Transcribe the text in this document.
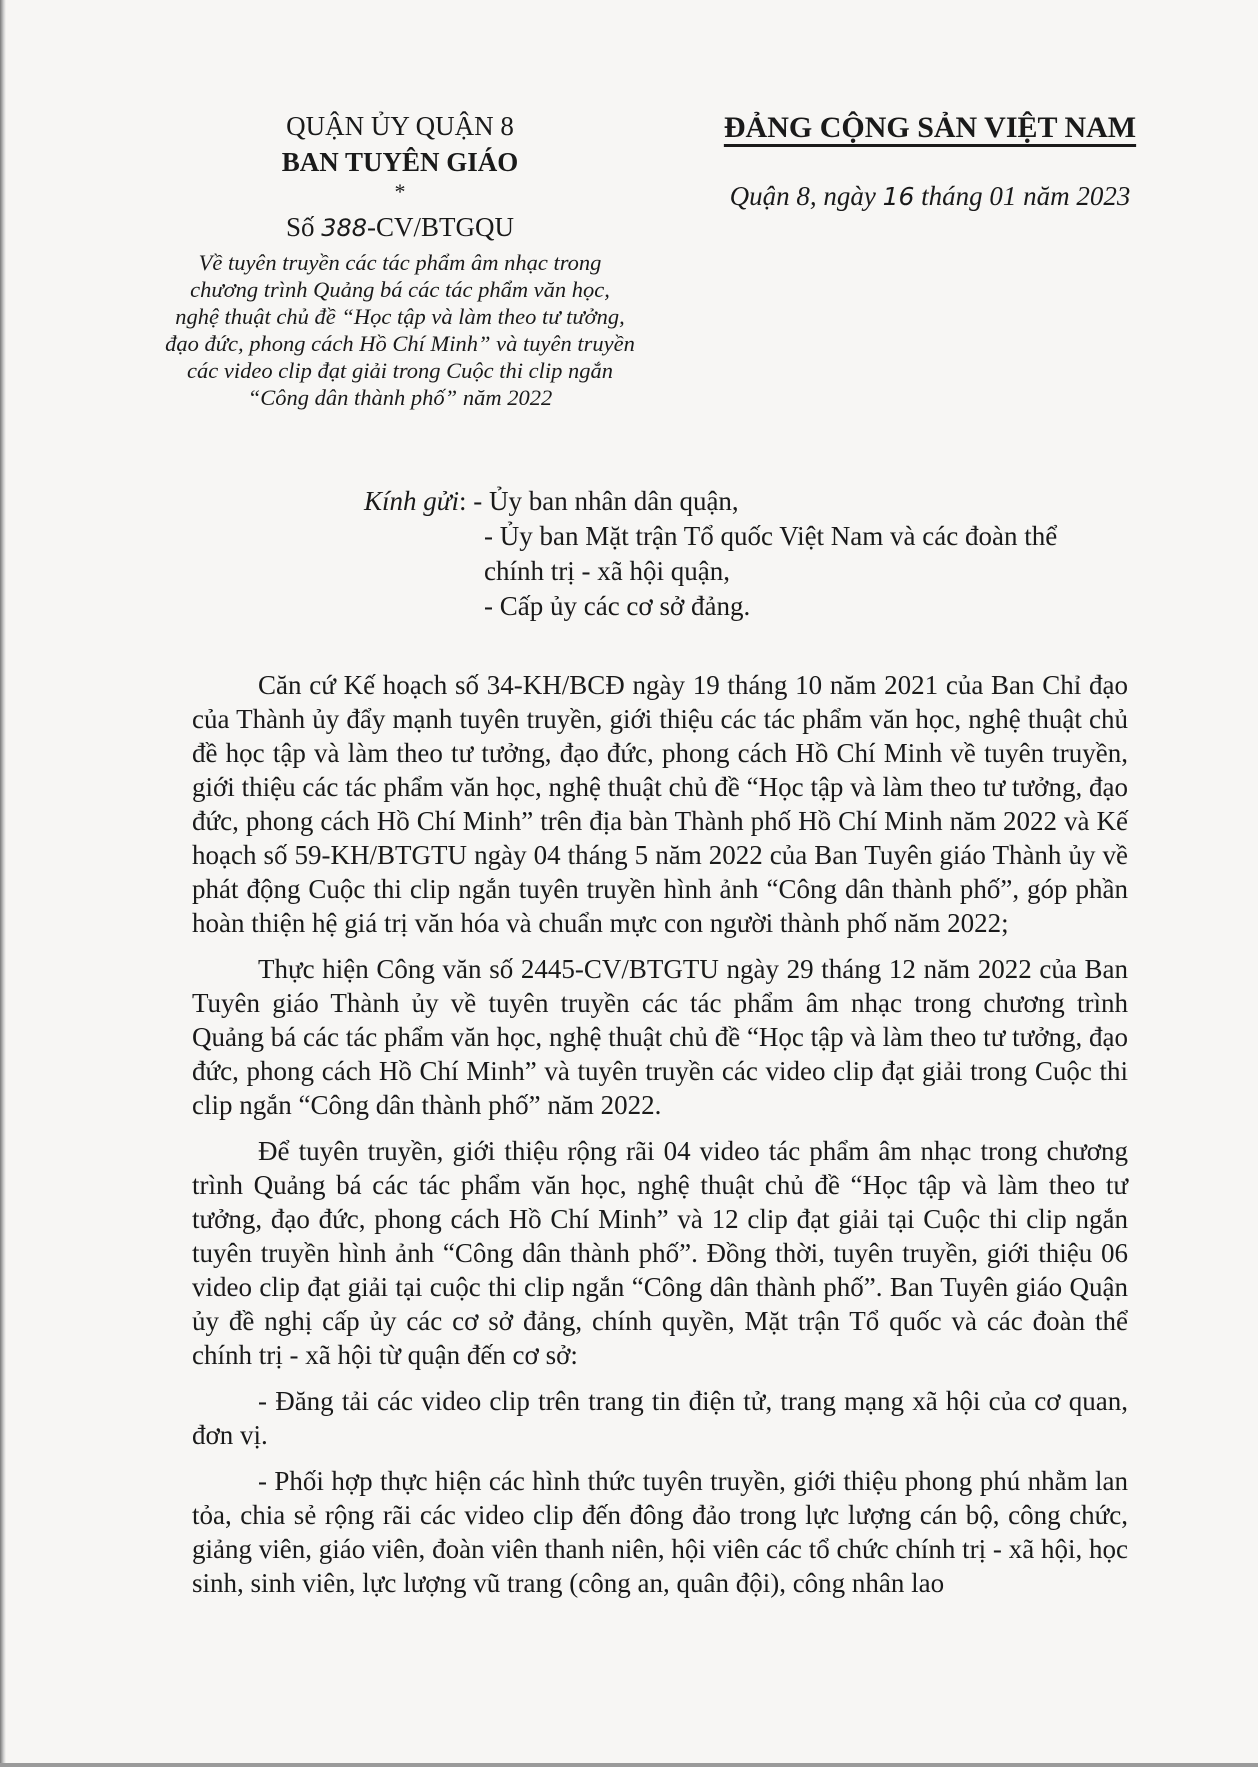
QUẬN ỦY QUẬN 8
BAN TUYÊN GIÁO
*
Số 388-CV/BTGQU
Về tuyên truyền các tác phẩm âm nhạc trong
chương trình Quảng bá các tác phẩm văn học,
nghệ thuật chủ đề “Học tập và làm theo tư tưởng,
đạo đức, phong cách Hồ Chí Minh” và tuyên truyền
các video clip đạt giải trong Cuộc thi clip ngắn
“Công dân thành phố” năm 2022
ĐẢNG CỘNG SẢN VIỆT NAM
Quận 8, ngày 16 tháng 01 năm 2023
Kính gửi: - Ủy ban nhân dân quận,
- Ủy ban Mặt trận Tổ quốc Việt Nam và các đoàn thể
chính trị - xã hội quận,
- Cấp ủy các cơ sở đảng.

Căn cứ Kế hoạch số 34-KH/BCĐ ngày 19 tháng 10 năm 2021 của Ban Chỉ đạo của Thành ủy đẩy mạnh tuyên truyền, giới thiệu các tác phẩm văn học, nghệ thuật chủ đề học tập và làm theo tư tưởng, đạo đức, phong cách Hồ Chí Minh về tuyên truyền, giới thiệu các tác phẩm văn học, nghệ thuật chủ đề “Học tập và làm theo tư tưởng, đạo đức, phong cách Hồ Chí Minh” trên địa bàn Thành phố Hồ Chí Minh năm 2022 và Kế hoạch số 59-KH/BTGTU ngày 04 tháng 5 năm 2022 của Ban Tuyên giáo Thành ủy về phát động Cuộc thi clip ngắn tuyên truyền hình ảnh “Công dân thành phố”, góp phần hoàn thiện hệ giá trị văn hóa và chuẩn mực con người thành phố năm 2022;

Thực hiện Công văn số 2445-CV/BTGTU ngày 29 tháng 12 năm 2022 của Ban Tuyên giáo Thành ủy về tuyên truyền các tác phẩm âm nhạc trong chương trình Quảng bá các tác phẩm văn học, nghệ thuật chủ đề “Học tập và làm theo tư tưởng, đạo đức, phong cách Hồ Chí Minh” và tuyên truyền các video clip đạt giải trong Cuộc thi clip ngắn “Công dân thành phố” năm 2022.

Để tuyên truyền, giới thiệu rộng rãi 04 video tác phẩm âm nhạc trong chương trình Quảng bá các tác phẩm văn học, nghệ thuật chủ đề “Học tập và làm theo tư tưởng, đạo đức, phong cách Hồ Chí Minh” và 12 clip đạt giải tại Cuộc thi clip ngắn tuyên truyền hình ảnh “Công dân thành phố”. Đồng thời, tuyên truyền, giới thiệu 06 video clip đạt giải tại cuộc thi clip ngắn “Công dân thành phố”. Ban Tuyên giáo Quận ủy đề nghị cấp ủy các cơ sở đảng, chính quyền, Mặt trận Tổ quốc và các đoàn thể chính trị - xã hội từ quận đến cơ sở:

- Đăng tải các video clip trên trang tin điện tử, trang mạng xã hội của cơ quan, đơn vị.

- Phối hợp thực hiện các hình thức tuyên truyền, giới thiệu phong phú nhằm lan tỏa, chia sẻ rộng rãi các video clip đến đông đảo trong lực lượng cán bộ, công chức, giảng viên, giáo viên, đoàn viên thanh niên, hội viên các tổ chức chính trị - xã hội, học sinh, sinh viên, lực lượng vũ trang (công an, quân đội), công nhân lao
